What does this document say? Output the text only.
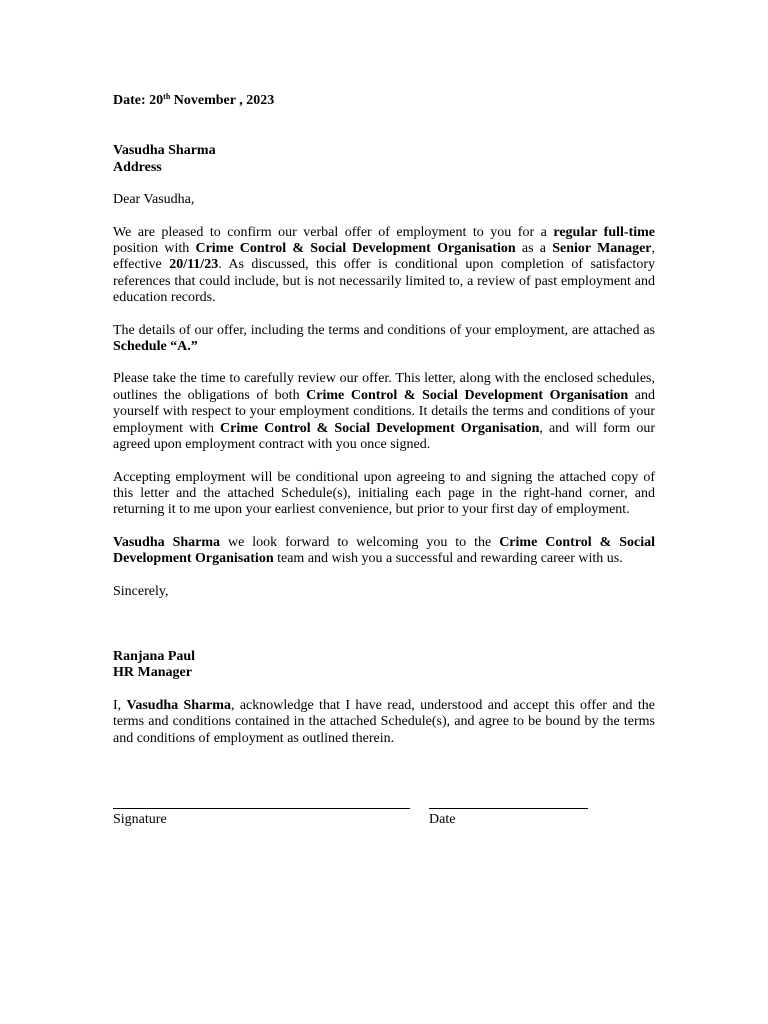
Date: 20th November , 2023

Vasudha Sharma
Address

Dear Vasudha,

We are pleased to confirm our verbal offer of employment to you for a regular full-time position with Crime Control & Social Development Organisation as a Senior Manager, effective 20/11/23. As discussed, this offer is conditional upon completion of satisfactory references that could include, but is not necessarily limited to, a review of past employment and education records.

The details of our offer, including the terms and conditions of your employment, are attached as Schedule “A.”

Please take the time to carefully review our offer. This letter, along with the enclosed schedules, outlines the obligations of both Crime Control & Social Development Organisation and yourself with respect to your employment conditions. It details the terms and conditions of your employment with Crime Control & Social Development Organisation, and will form our agreed upon employment contract with you once signed.

Accepting employment will be conditional upon agreeing to and signing the attached copy of this letter and the attached Schedule(s), initialing each page in the right-hand corner, and returning it to me upon your earliest convenience, but prior to your first day of employment.

Vasudha Sharma we look forward to welcoming you to the Crime Control & Social Development Organisation team and wish you a successful and rewarding career with us.

Sincerely,

Ranjana Paul
HR Manager

I, Vasudha Sharma, acknowledge that I have read, understood and accept this offer and the terms and conditions contained in the attached Schedule(s), and agree to be bound by the terms and conditions of employment as outlined therein.

Signature	Date
